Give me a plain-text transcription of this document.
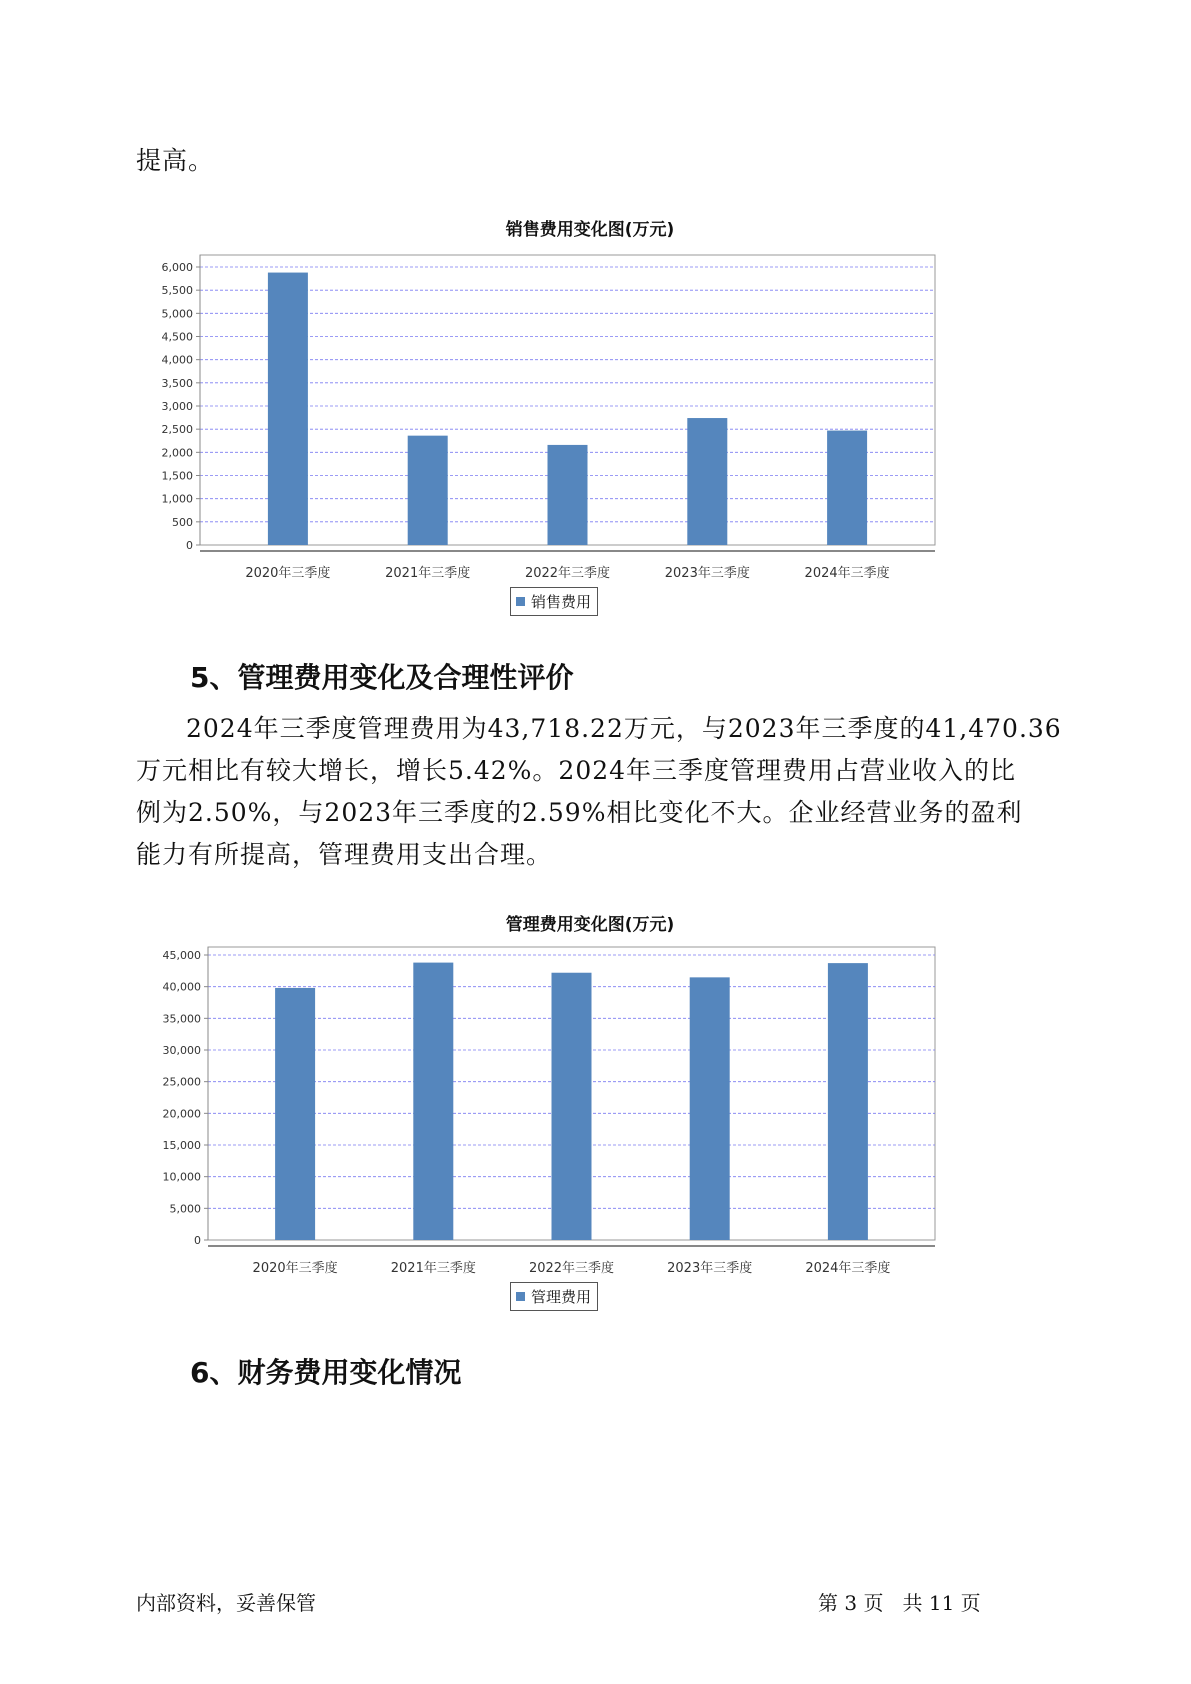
提高。
销售费用变化图(万元)
0
500
1,000
1,500
2,000
2,500
3,000
3,500
4,000
4,500
5,000
5,500
6,000
2020年三季度	2021年三季度	2022年三季度	2023年三季度	2024年三季度
销售费用
5、管理费用变化及合理性评价
2024年三季度管理费用为43,718.22万元，与2023年三季度的41,470.36
万元相比有较大增长，增长5.42%。2024年三季度管理费用占营业收入的比
例为2.50%，与2023年三季度的2.59%相比变化不大。企业经营业务的盈利
能力有所提高，管理费用支出合理。
管理费用变化图(万元)
0
5,000
10,000
15,000
20,000
25,000
30,000
35,000
40,000
45,000
2020年三季度	2021年三季度	2022年三季度	2023年三季度	2024年三季度
管理费用
6、财务费用变化情况
内部资料，妥善保管	第 3 页   共 11 页
